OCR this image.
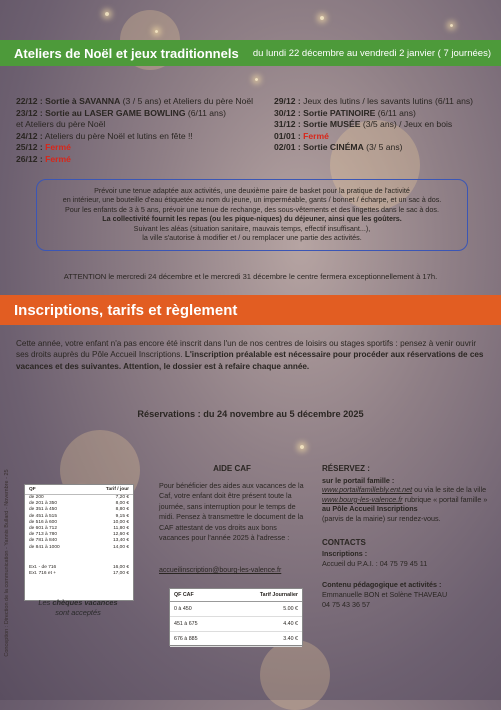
Ateliers de Noël et jeux traditionnels du lundi 22 décembre au vendredi 2 janvier ( 7 journées)
22/12 : Sortie à SAVANNA (3 / 5 ans) et Ateliers du père Noël
23/12 : Sortie au LASER GAME BOWLING (6/11 ans)
et Ateliers du père Noël
24/12 : Ateliers du père Noël et lutins en fête !!
25/12 : Fermé
26/12 : Fermé
29/12 : Jeux des lutins / les savants lutins (6/11 ans)
30/12 : Sortie PATINOIRE (6/11 ans)
31/12 : Sortie MUSÉE (3/5 ans) / Jeux en bois
01/01 : Fermé
02/01 : Sortie CINÉMA (3/ 5 ans)
Prévoir une tenue adaptée aux activités, une deuxième paire de basket pour la pratique de l'activité
en intérieur, une bouteille d'eau étiquetée au nom du jeune, un imperméable, gants / bonnet / écharpe, et un sac à dos.
Pour les enfants de 3 à 5 ans, prévoir une tenue de rechange, des sous-vêtements et des lingettes dans le sac à dos.
La collectivité fournit les repas (ou les pique-niques) du déjeuner, ainsi que les goûters.
Suivant les aléas (situation sanitaire, mauvais temps, effectif insuffisant...),
la ville s'autorise à modifier et / ou remplacer une partie des activités.
ATTENTION le mercredi 24 décembre et le mercredi 31 décembre le centre fermera exceptionnellement à 17h.
Inscriptions, tarifs et règlement
Cette année, votre enfant n'a pas encore été inscrit dans l'un de nos centres de loisirs ou stages sportifs : pensez à venir ouvrir ses droits auprès du Pôle Accueil Inscriptions. L'inscription préalable est nécessaire pour procéder aux réservations de ces vacances et des suivantes. Attention, le dossier est à refaire chaque année.
Réservations : du 24 novembre au 5 décembre 2025
Conception : Direction de la communication - Yannis Bullard - Novembre - 25	QF	Tarif / jour
de 200	7,20 €
de 201 à 350	8,00 €
de 351 à 450	8,80 €
de 451 à 515	9,15 €
de 516 à 600	10,00 €
de 601 à 712	11,80 €
de 713 à 780	12,60 €
de 781 à 840	13,40 €
de 841 à 1000	14,00 €
Ext. - de 716	16,00 €
Ext. 716 et +	17,00 €
Les chèques vacances
sont acceptés
AIDE CAF
Pour bénéficier des aides aux vacances de la Caf, votre enfant doit être présent toute la journée, sans interruption pour le temps de midi. Pensez à transmettre le document de la CAF attestant de vos droits aux bons vacances pour l'année 2025 à l'adresse :
accueilinscription@bourg-les-valence.fr
QF CAF	Tarif Journalier
0 à 450	5.00 €
451 à 675	4.40 €
676 à 885	3.40 €
RÉSERVEZ :
sur le portail famille :
www.portailfamillebly.ent.net ou via le site de la ville www.bourg-les-valence.fr rubrique « portail famille »
au Pôle Accueil Inscriptions
(parvis de la mairie) sur rendez-vous.
CONTACTS
Inscriptions :
Accueil du P.A.I. : 04 75 79 45 11
Contenu pédagogique et activités :
Emmanuelle BON et Solène THAVEAU
04 75 43 36 57
